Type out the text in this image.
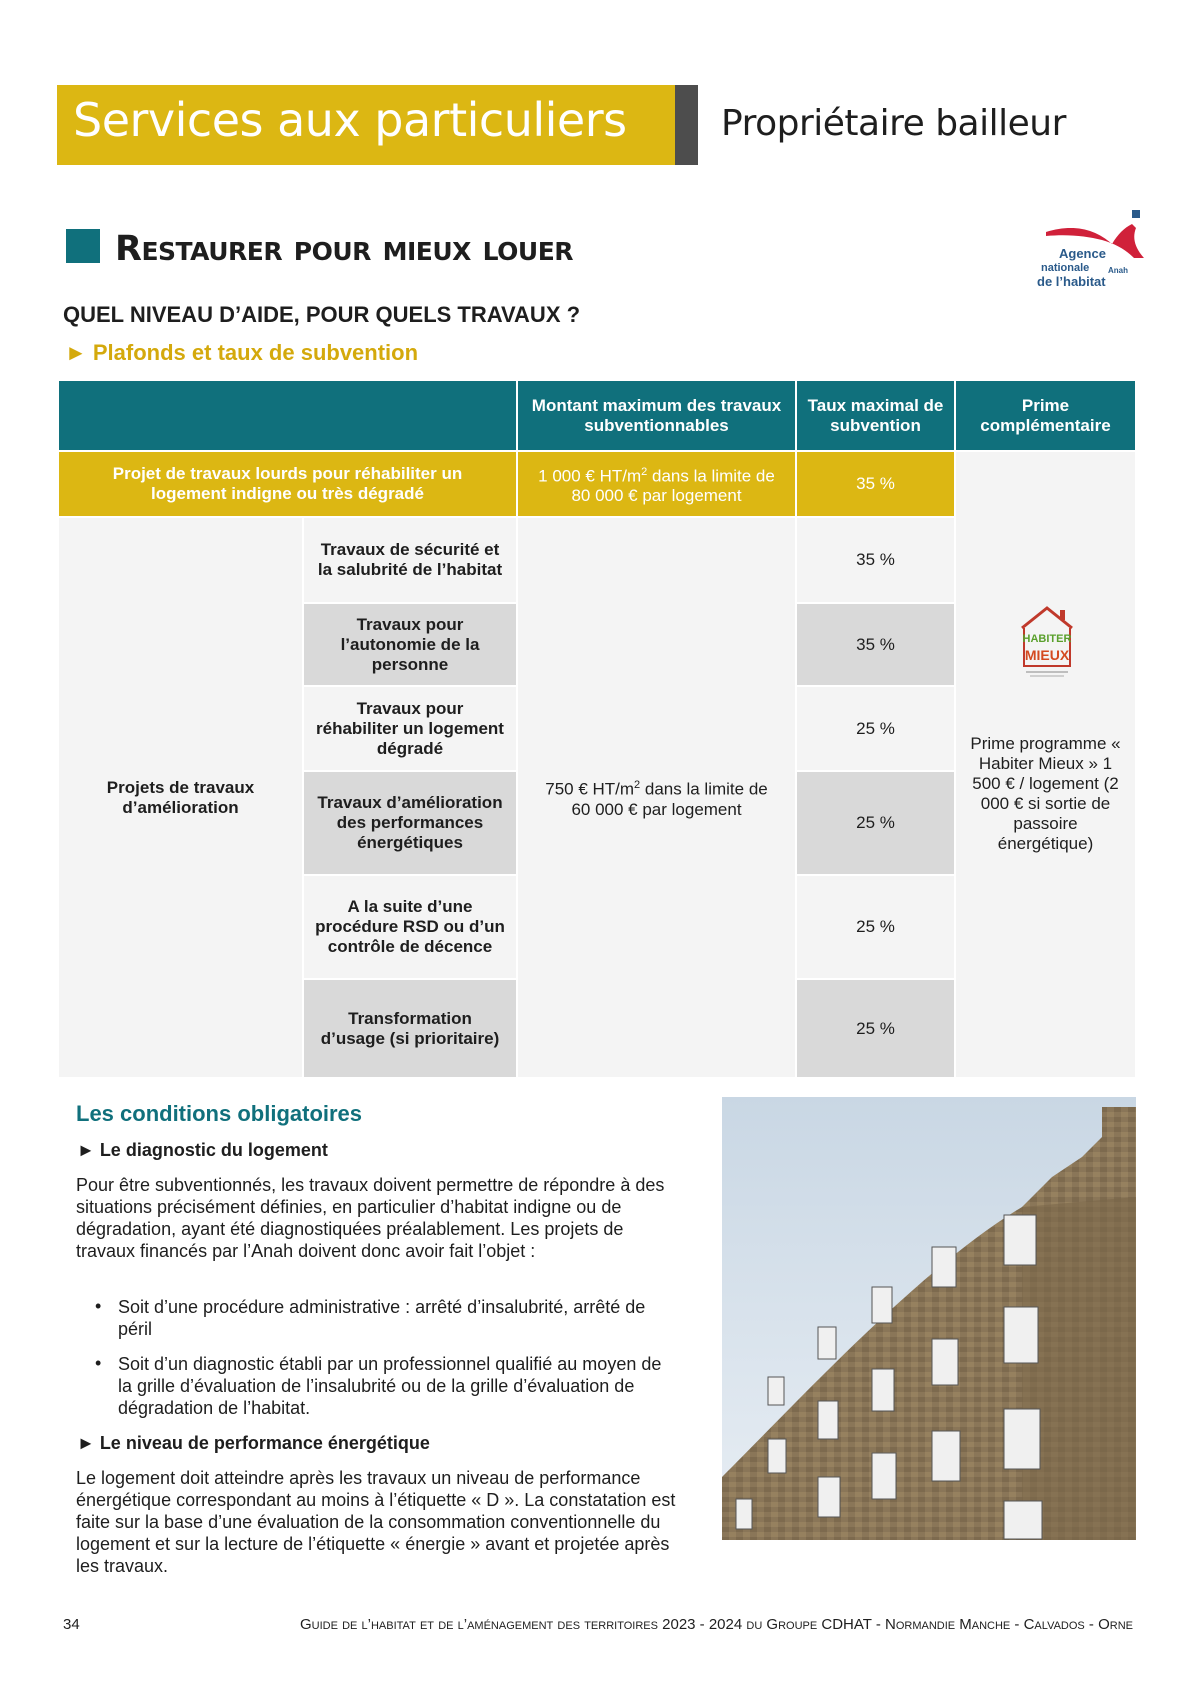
Services aux particuliers	Propriétaire bailleur
Restaurer pour mieux louer	Agence
nationale Anah
de l’habitat
QUEL NIVEAU D’AIDE, POUR QUELS TRAVAUX ?
► Plafonds et taux de subvention
Montant maximum des travaux subventionnables
Taux maximal de subvention
Prime complémentaire
Projet de travaux lourds pour réhabiliter un logement indigne ou très dégradé
1 000 € $HT/m^2$ dans la limite de 80 000 € par logement
35 %
Projets de travaux d’amélioration
750 € $HT/m^2$ dans la limite de 60 000 € par logement
Travaux de sécurité et la salubrité de l’habitat
35 %
Travaux pour l’autonomie de la personne
35 %
Travaux pour réhabiliter un logement dégradé
25 %
Travaux d’amélioration des performances énergétiques
25 %
A la suite d’une procédure RSD ou d’un contrôle de décence
25 %
Transformation d’usage (si prioritaire)
25 %
Prime programme « Habiter Mieux » 1 500 € / logement (2 000 € si sortie de passoire énergétique)
HABITER
MIEUX
Les conditions obligatoires
► Le diagnostic du logement
Pour être subventionnés, les travaux doivent permettre de répondre à des situations précisément définies, en particulier d’habitat indigne ou de dégradation, ayant été diagnostiquées préalablement. Les projets de travaux financés par l’Anah doivent donc avoir fait l’objet :
• Soit d’une procédure administrative : arrêté d’insalubrité, arrêté de péril
• Soit d’un diagnostic établi par un professionnel qualifié au moyen de la grille d’évaluation de l’insalubrité ou de la grille d’évaluation de dégradation de l’habitat.
► Le niveau de performance énergétique
Le logement doit atteindre après les travaux un niveau de performance énergétique correspondant au moins à l’étiquette « D ». La constatation est faite sur la base d’une évaluation de la consommation conventionnelle du logement et sur la lecture de l’étiquette « énergie » avant et projetée après les travaux.
34	Guide de l’habitat et de l’aménagement des territoires 2023 - 2024 du Groupe CDHAT - Normandie Manche - Calvados - Orne
